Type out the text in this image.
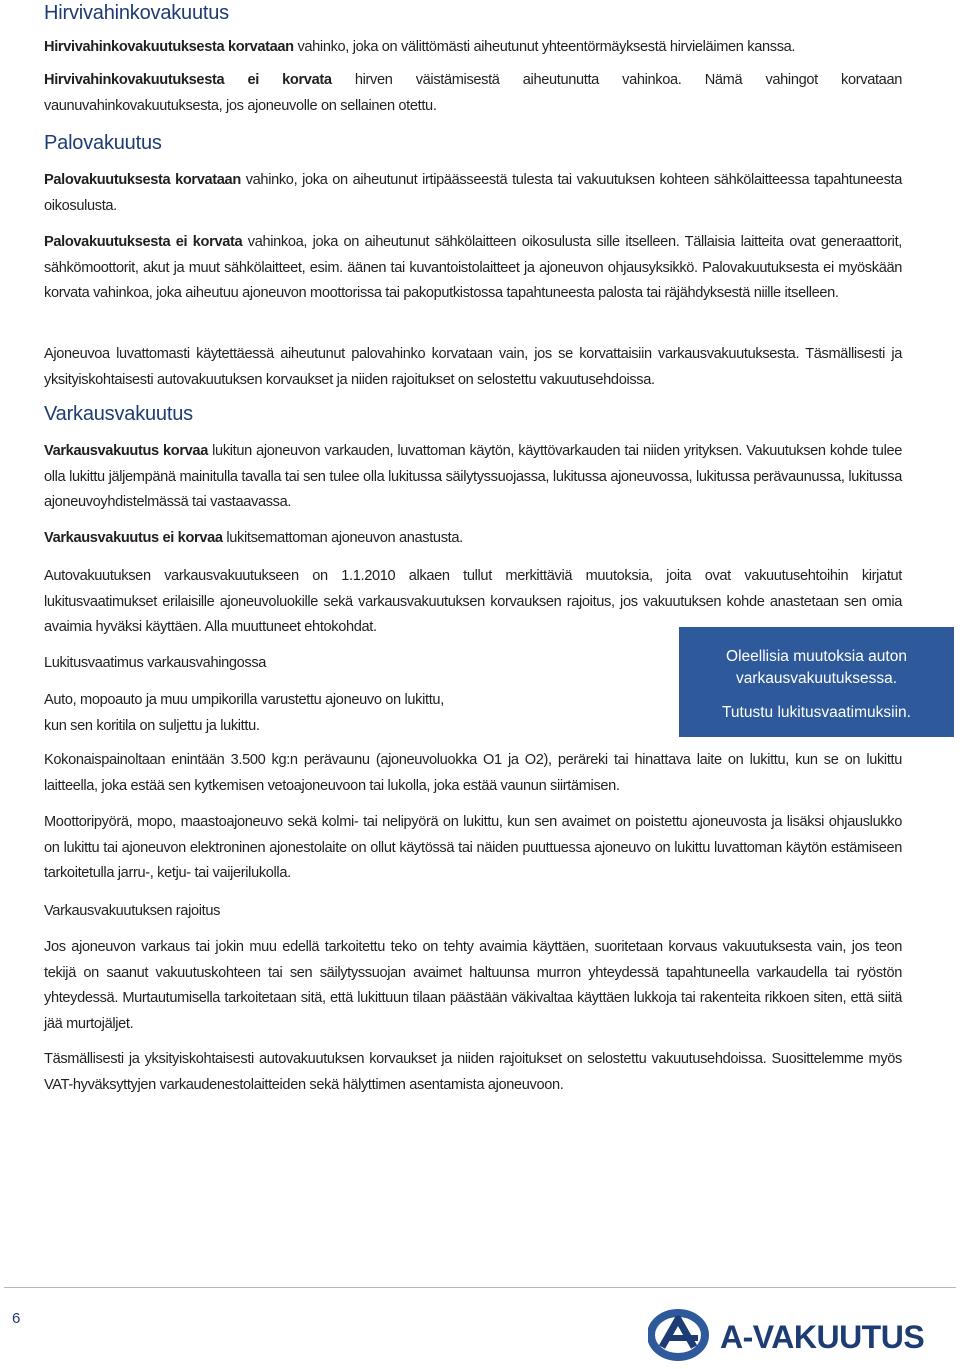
Hirvivahinkovakuutus
Hirvivahinkovakuutuksesta korvataan vahinko, joka on välittömästi aiheutunut yhteentörmäyksestä hirvieläimen kanssa.
Hirvivahinkovakuutuksesta ei korvata hirven väistämisestä aiheutunutta vahinkoa. Nämä vahingot korvataan vaunuvahinkovakuutuksesta, jos ajoneuvolle on sellainen otettu.
Palovakuutus
Palovakuutuksesta korvataan vahinko, joka on aiheutunut irtipäässeestä tulesta tai vakuutuksen kohteen sähkölaitteessa tapahtuneesta oikosulusta.
Palovakuutuksesta ei korvata vahinkoa, joka on aiheutunut sähkölaitteen oikosulusta sille itselleen. Tällaisia laitteita ovat generaattorit, sähkömoottorit, akut ja muut sähkölaitteet, esim. äänen tai kuvantoistolaitteet ja ajoneuvon ohjausyksikkö. Palovakuutuksesta ei myöskään korvata vahinkoa, joka aiheutuu ajoneuvon moottorissa tai pakoputkistossa tapahtuneesta palosta tai räjähdyksestä niille itselleen.
Ajoneuvoa luvattomasti käytettäessä aiheutunut palovahinko korvataan vain, jos se korvattaisiin varkausvakuutuksesta. Täsmällisesti ja yksityiskohtaisesti autovakuutuksen korvaukset ja niiden rajoitukset on selostettu vakuutusehdoissa.
Varkausvakuutus
Varkausvakuutus korvaa lukitun ajoneuvon varkauden, luvattoman käytön, käyttövarkauden tai niiden yrityksen. Vakuutuksen kohde tulee olla lukittu jäljempänä mainitulla tavalla tai sen tulee olla lukitussa säilytyssuojassa, lukitussa ajoneuvossa, lukitussa perävaunussa, lukitussa ajoneuvoyhdistelmässä tai vastaavassa.
Varkausvakuutus ei korvaa lukitsemattoman ajoneuvon anastusta.
Autovakuutuksen varkausvakuutukseen on 1.1.2010 alkaen tullut merkittäviä muutoksia, joita ovat vakuutusehtoihin kirjatut lukitusvaatimukset erilaisille ajoneuvoluokille sekä varkausvakuutuksen korvauksen rajoitus, jos vakuutuksen kohde anastetaan sen omia avaimia hyväksi käyttäen. Alla muuttuneet ehtokohdat.
Lukitusvaatimus varkausvahingossa
Auto, mopoauto ja muu umpikorilla varustettu ajoneuvo on lukittu,
kun sen koritila on suljettu ja lukittu.
Kokonaispainoltaan enintään 3.500 kg:n perävaunu (ajoneuvoluokka O1 ja O2), peräreki tai hinattava laite on lukittu, kun se on lukittu laitteella, joka estää sen kytkemisen vetoajoneuvoon tai lukolla, joka estää vaunun siirtämisen.
Moottoripyörä, mopo, maastoajoneuvo sekä kolmi- tai nelipyörä on lukittu, kun sen avaimet on poistettu ajoneuvosta ja lisäksi ohjauslukko on lukittu tai ajoneuvon elektroninen ajonestolaite on ollut käytössä tai näiden puuttuessa ajoneuvo on lukittu luvattoman käytön estämiseen tarkoitetulla jarru-, ketju- tai vaijerilukolla.
Varkausvakuutuksen rajoitus
Jos ajoneuvon varkaus tai jokin muu edellä tarkoitettu teko on tehty avaimia käyttäen, suoritetaan korvaus vakuutuksesta vain, jos teon tekijä on saanut vakuutuskohteen tai sen säilytyssuojan avaimet haltuunsa murron yhteydessä tapahtuneella varkaudella tai ryöstön yhteydessä. Murtautumisella tarkoitetaan sitä, että lukittuun tilaan päästään väkivaltaa käyttäen lukkoja tai rakenteita rikkoen siten, että siitä jää murtojäljet.
Täsmällisesti ja yksityiskohtaisesti autovakuutuksen korvaukset ja niiden rajoitukset on selostettu vakuutusehdoissa. Suosittelemme myös VAT-hyväksyttyjen varkaudenestolaitteiden sekä hälyttimen asentamista ajoneuvoon.
Oleellisia muutoksia auton
varkausvakuutuksessa.
Tutustu lukitusvaatimuksiin.
6
A-VAKUUTUS
